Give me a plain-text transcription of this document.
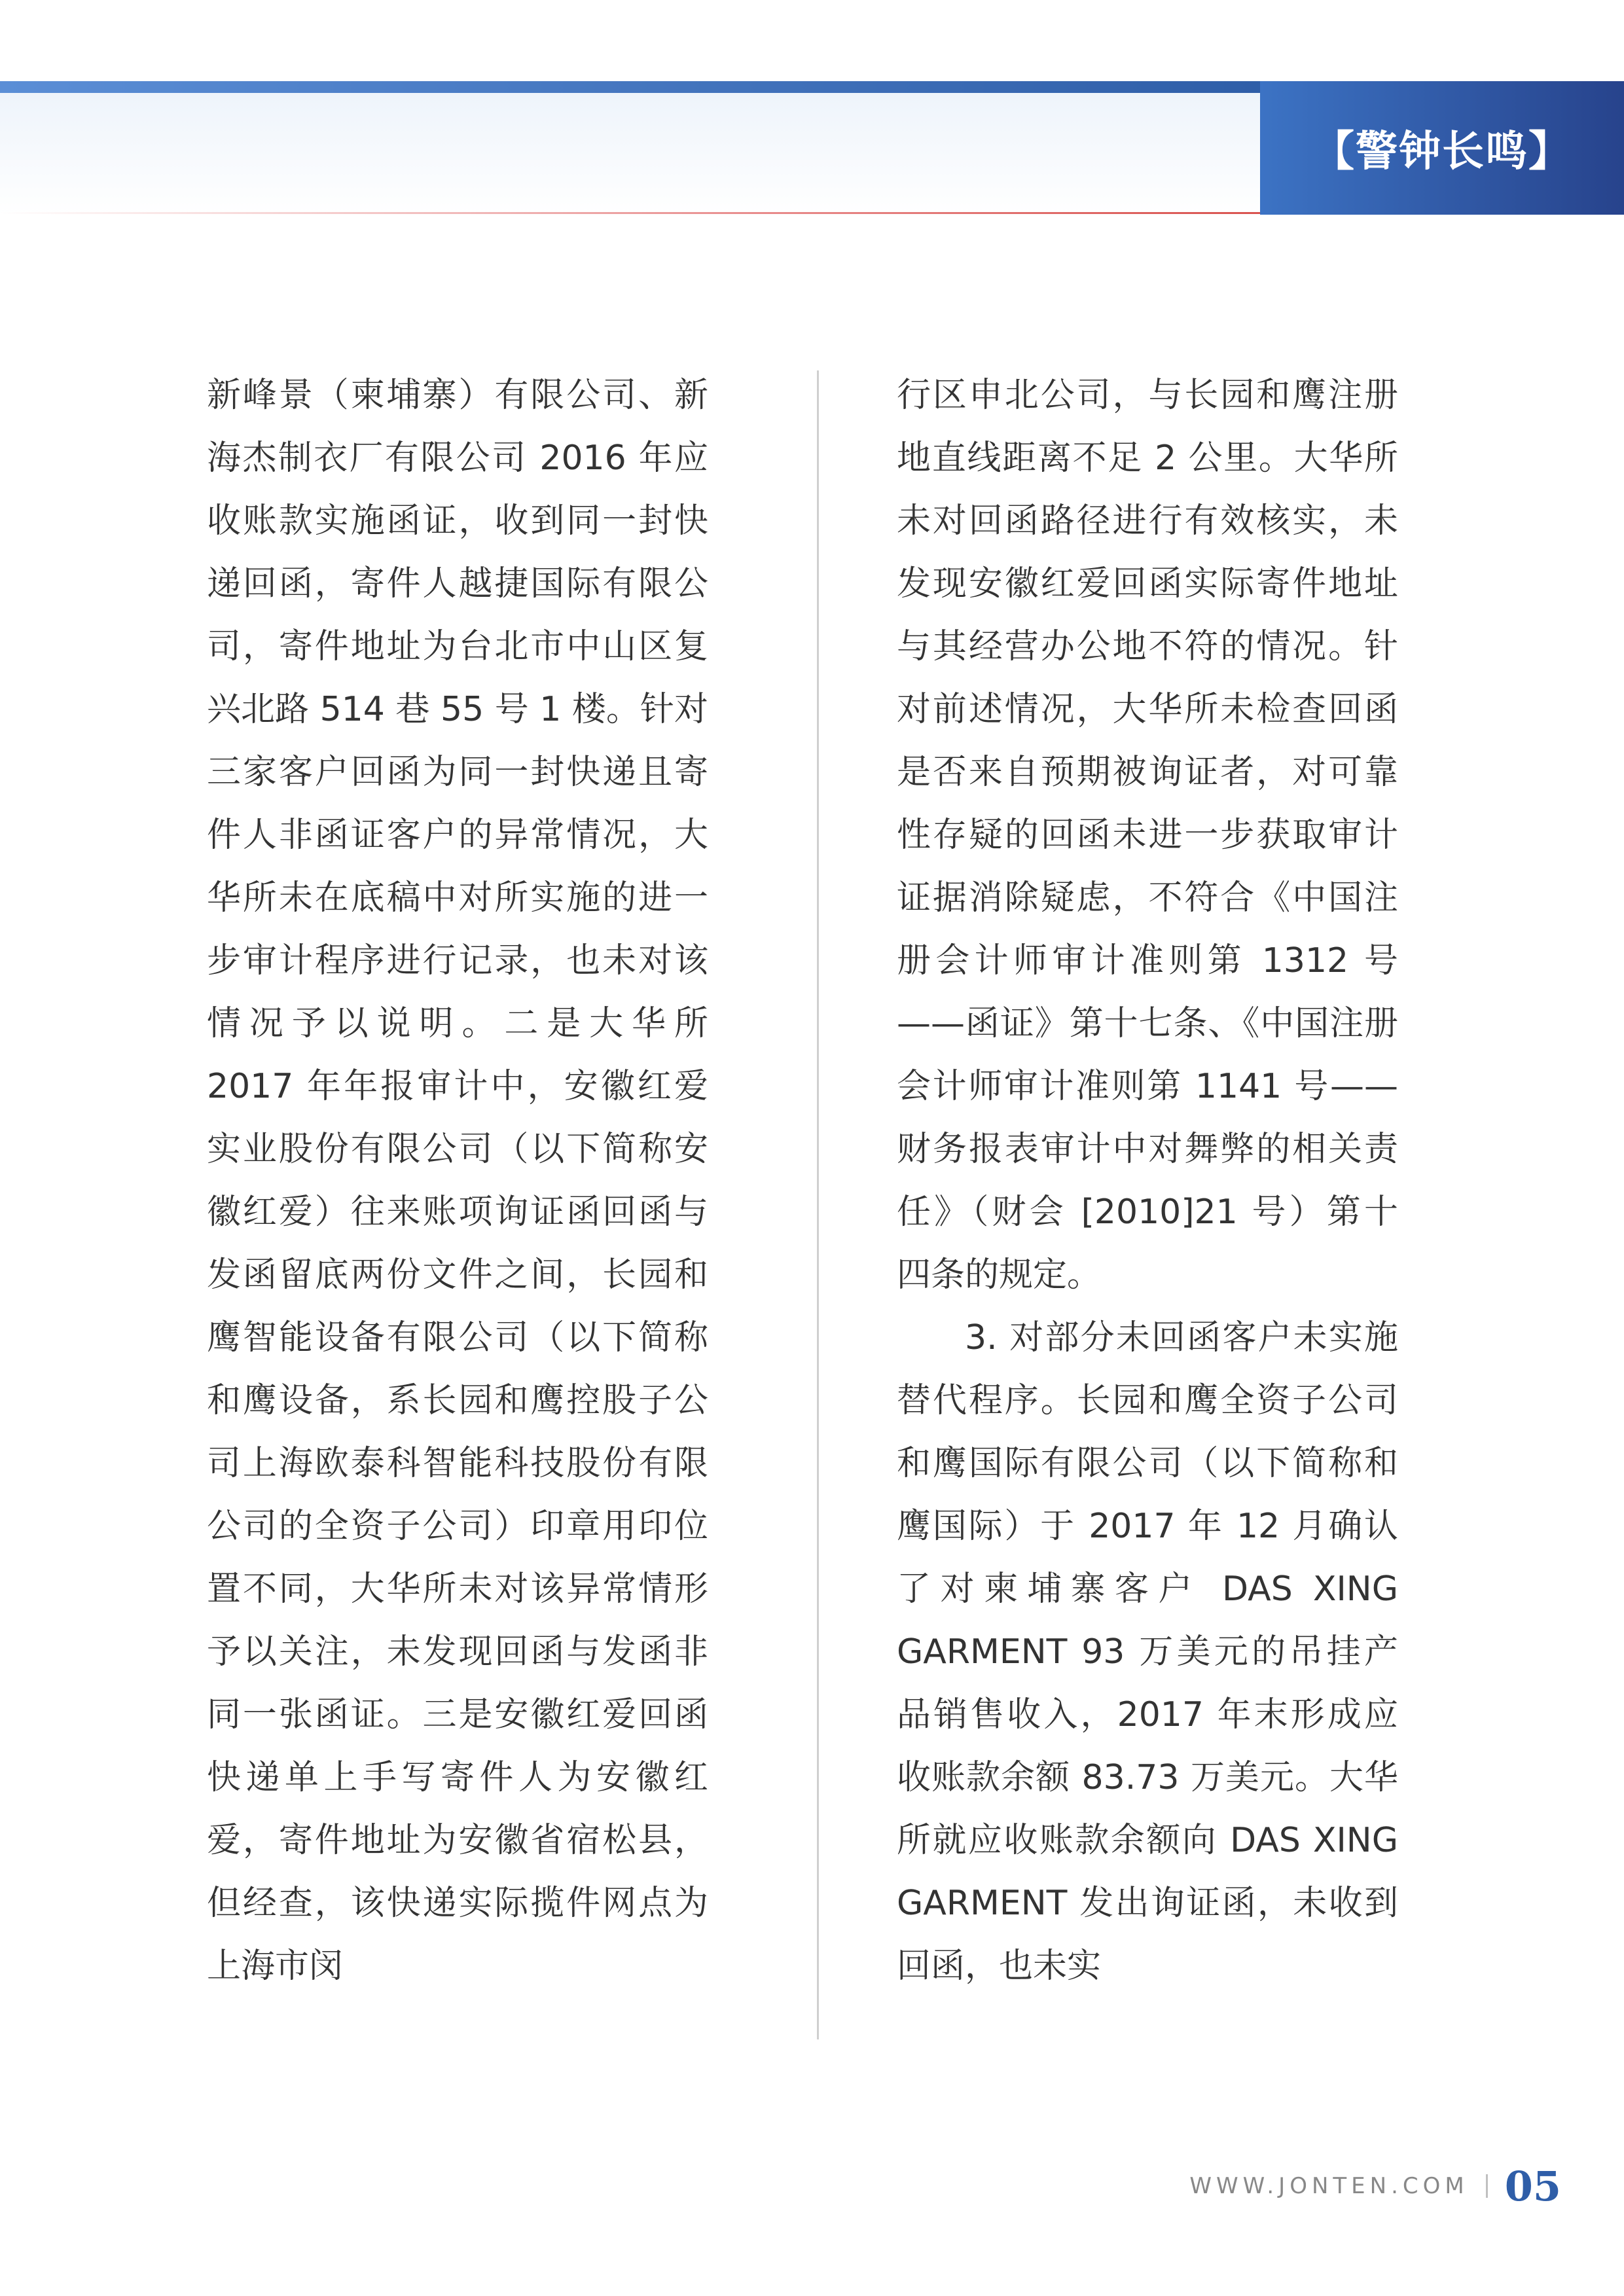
【警钟长鸣】

新峰景（柬埔寨）有限公司、新海杰制衣厂有限公司 2016 年应收账款实施函证，收到同一封快递回函，寄件人越捷国际有限公司，寄件地址为台北市中山区复兴北路 514 巷 55 号 1 楼。针对三家客户回函为同一封快递且寄件人非函证客户的异常情况，大华所未在底稿中对所实施的进一步审计程序进行记录，也未对该情况予以说明。二是大华所 2017 年年报审计中，安徽红爱实业股份有限公司（以下简称安徽红爱）往来账项询证函回函与发函留底两份文件之间，长园和鹰智能设备有限公司（以下简称和鹰设备，系长园和鹰控股子公司上海欧泰科智能科技股份有限公司的全资子公司）印章用印位置不同，大华所未对该异常情形予以关注，未发现回函与发函非同一张函证。三是安徽红爱回函快递单上手写寄件人为安徽红爱，寄件地址为安徽省宿松县，但经查，该快递实际揽件网点为上海市闵

行区申北公司，与长园和鹰注册地直线距离不足 2 公里。大华所未对回函路径进行有效核实，未发现安徽红爱回函实际寄件地址与其经营办公地不符的情况。针对前述情况，大华所未检查回函是否来自预期被询证者，对可靠性存疑的回函未进一步获取审计证据消除疑虑，不符合《中国注册会计师审计准则第 1312 号——函证》第十七条、《中国注册会计师审计准则第 1141 号——财务报表审计中对舞弊的相关责任》（财会 [2010]21 号）第十四条的规定。

3. 对部分未回函客户未实施替代程序。长园和鹰全资子公司和鹰国际有限公司（以下简称和鹰国际）于 2017 年 12 月确认了对柬埔寨客户 DAS XING GARMENT 93 万美元的吊挂产品销售收入，2017 年末形成应收账款余额 83.73 万美元。大华所就应收账款余额向 DAS XING GARMENT 发出询证函，未收到回函，也未实

WWW.JONTEN.COM 05
